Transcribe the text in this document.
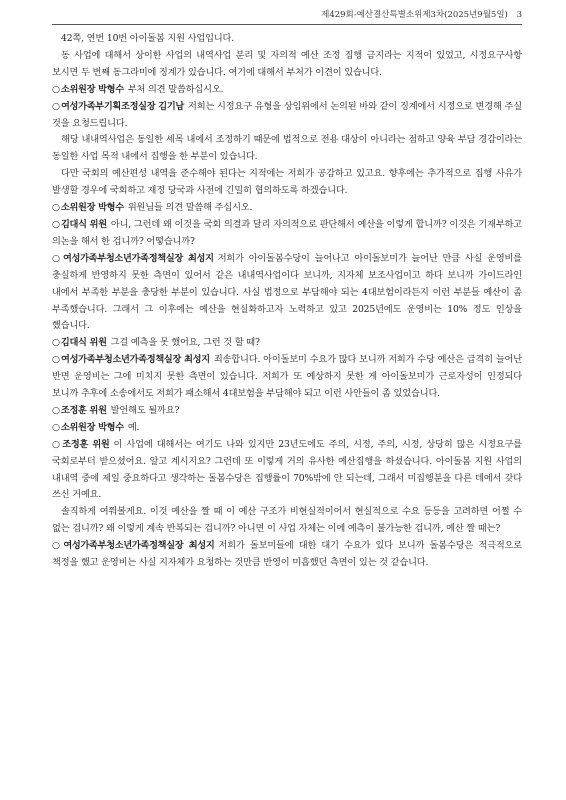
제429회-예산결산특별소위제3차(2025년9월5일) 3

42쪽, 연번 10번 아이돌봄 지원 사업입니다.

동 사업에 대해서 상이한 사업의 내역사업 분리 및 자의적 예산 조정 집행 금지라는 지적이 있었고, 시정요구사항 보시면 두 번째 동그라미에 징계가 있습니다. 여기에 대해서 부처가 이견이 있습니다.

○소위원장 박형수 부처 의견 말씀하십시오.

○여성가족부기획조정실장 김기남 저희는 시정요구 유형을 상임위에서 논의된 바와 같이 징계에서 시정으로 변경해 주실 것을 요청드립니다.

해당 내내역사업은 동일한 세목 내에서 조정하기 때문에 법적으로 전용 대상이 아니라는 점하고 양육 부담 경감이라는 동일한 사업 목적 내에서 집행을 한 부분이 있습니다.

다만 국회의 예산편성 내역을 준수해야 된다는 지적에는 저희가 공감하고 있고요. 향후에는 추가적으로 집행 사유가 발생할 경우에 국회하고 재정 당국과 사전에 긴밀히 협의하도록 하겠습니다.

○소위원장 박형수 위원님들 의견 말씀해 주십시오.

○김대식 위원 아니, 그런데 왜 이것을 국회 의결과 달리 자의적으로 판단해서 예산을 이렇게 합니까? 이것은 기재부하고 의논을 해서 한 겁니까? 어떻습니까?

○여성가족부청소년가족정책실장 최성지 저희가 아이돌봄수당이 늘어나고 아이돌보미가 늘어난 만큼 사실 운영비를 충실하게 반영하지 못한 측면이 있어서 같은 내내역사업이다 보니까, 지자체 보조사업이고 하다 보니까 가이드라인 내에서 부족한 부분을 충당한 부분이 있습니다. 사실 법정으로 부담해야 되는 4대보험이라든지 이런 부분들 예산이 좀 부족했습니다. 그래서 그 이후에는 예산을 현실화하고자 노력하고 있고 2025년에도 운영비는 10% 정도 인상을 했습니다.

○김대식 위원 그걸 예측을 못 했어요, 그런 것 할 때?

○여성가족부청소년가족정책실장 최성지 죄송합니다. 아이돌보미 수요가 많다 보니까 저희가 수당 예산은 급격히 늘어난 반면 운영비는 그에 미치지 못한 측면이 있습니다. 저희가 또 예상하지 못한 게 아이돌보미가 근로자성이 인정되다 보니까 추후에 소송에서도 저희가 패소해서 4대보험을 부담해야 되고 이런 사안들이 좀 있었습니다.

○조정훈 위원 발언해도 될까요?

○소위원장 박형수 예.

○조정훈 위원 이 사업에 대해서는 여기도 나와 있지만 23년도에도 주의, 시정, 주의, 시정, 상당히 많은 시정요구를 국회로부터 받으셨어요. 알고 계시지요? 그런데 또 이렇게 거의 유사한 예산집행을 하셨습니다. 아이돌봄 지원 사업의 내내역 중에 제일 중요하다고 생각하는 돌봄수당은 집행률이 70%밖에 안 되는데, 그래서 미집행분을 다른 데에서 갖다 쓰신 거예요.

솔직하게 여쭤볼게요. 이것 예산을 짤 때 이 예산 구조가 비현실적이어서 현실적으로 수요 등등을 고려하면 어쩔 수 없는 겁니까? 왜 이렇게 계속 반복되는 겁니까? 아니면 이 사업 자체는 이에 예측이 불가능한 겁니까, 예산 짤 때는?

○여성가족부청소년가족정책실장 최성지 저희가 돌보미들에 대한 대기 수요가 있다 보니까 돌봄수당은 적극적으로 책정을 했고 운영비는 사실 지자체가 요청하는 것만큼 반영이 미흡했던 측면이 있는 것 같습니다.
